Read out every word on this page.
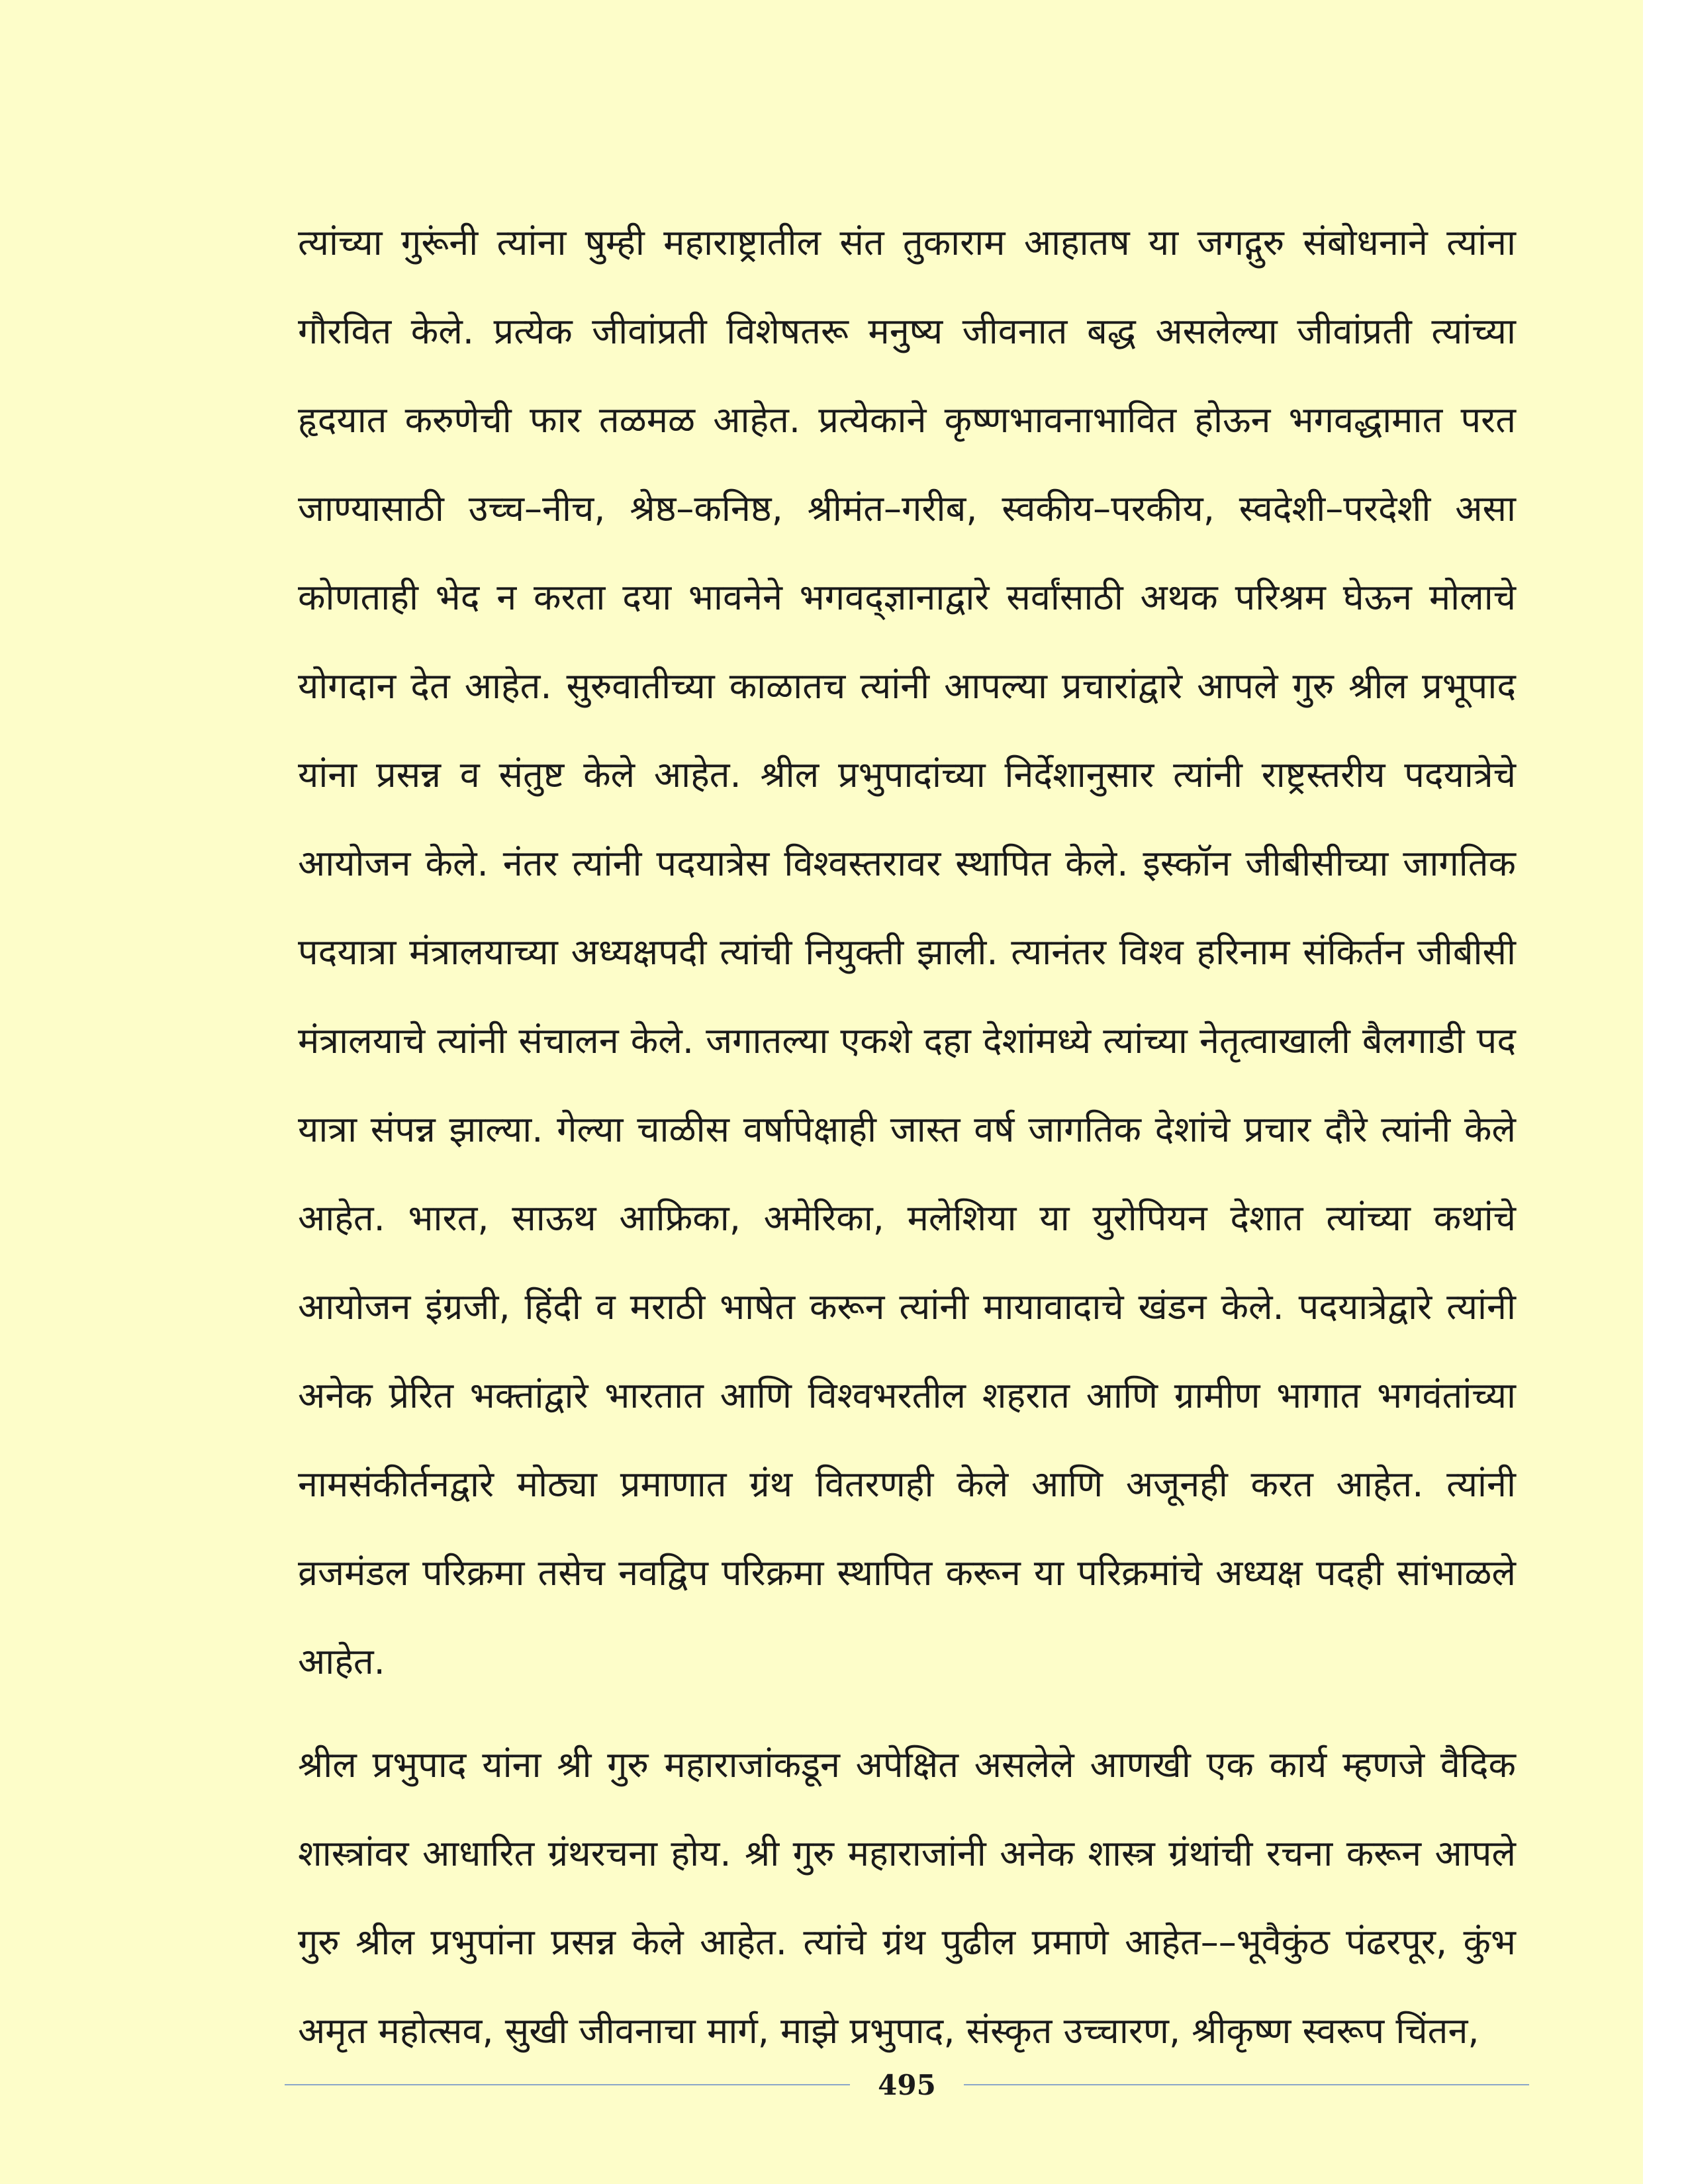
त्यांच्या गुरूंनी त्यांना षुम्ही महाराष्ट्रातील संत तुकाराम आहातष या जगद्गुरु संबोधनाने त्यांना गौरवित केले. प्रत्येक जीवांप्रती विशेषतरू मनुष्य जीवनात बद्ध असलेल्या जीवांप्रती त्यांच्या हृदयात करुणेची फार तळमळ आहेत. प्रत्येकाने कृष्णभावनाभावित होऊन भगवद्धामात परत जाण्यासाठी उच्च–नीच, श्रेष्ठ–कनिष्ठ, श्रीमंत–गरीब, स्वकीय–परकीय, स्वदेशी–परदेशी असा कोणताही भेद न करता दया भावनेने भगवद्ज्ञानाद्वारे सर्वांसाठी अथक परिश्रम घेऊन मोलाचे योगदान देत आहेत. सुरुवातीच्या काळातच त्यांनी आपल्या प्रचारांद्वारे आपले गुरु श्रील प्रभूपाद यांना प्रसन्न व संतुष्ट केले आहेत. श्रील प्रभुपादांच्या निर्देशानुसार त्यांनी राष्ट्रस्तरीय पदयात्रेचे आयोजन केले. नंतर त्यांनी पदयात्रेस विश्वस्तरावर स्थापित केले. इस्कॉन जीबीसीच्या जागतिक पदयात्रा मंत्रालयाच्या अध्यक्षपदी त्यांची नियुक्ती झाली. त्यानंतर विश्व हरिनाम संकिर्तन जीबीसी मंत्रालयाचे त्यांनी संचालन केले. जगातल्या एकशे दहा देशांमध्ये त्यांच्या नेतृत्वाखाली बैलगाडी पद यात्रा संपन्न झाल्या. गेल्या चाळीस वर्षापेक्षाही जास्त वर्ष जागतिक देशांचे प्रचार दौरे त्यांनी केले आहेत. भारत, साऊथ आफ्रिका, अमेरिका, मलेशिया या युरोपियन देशात त्यांच्या कथांचे आयोजन इंग्रजी, हिंदी व मराठी भाषेत करून त्यांनी मायावादाचे खंडन केले. पदयात्रेद्वारे त्यांनी अनेक प्रेरित भक्तांद्वारे भारतात आणि विश्वभरतील शहरात आणि ग्रामीण भागात भगवंतांच्या नामसंकीर्तनद्वारे मोठ्या प्रमाणात ग्रंथ वितरणही केले आणि अजूनही करत आहेत. त्यांनी व्रजमंडल परिक्रमा तसेच नवद्विप परिक्रमा स्थापित करून या परिक्रमांचे अध्यक्ष पदही सांभाळले आहेत.

श्रील प्रभुपाद यांना श्री गुरु महाराजांकडून अपेक्षित असलेले आणखी एक कार्य म्हणजे वैदिक शास्त्रांवर आधारित ग्रंथरचना होय. श्री गुरु महाराजांनी अनेक शास्त्र ग्रंथांची रचना करून आपले गुरु श्रील प्रभुपांना प्रसन्न केले आहेत. त्यांचे ग्रंथ पुढील प्रमाणे आहेत––भूवैकुंठ पंढरपूर, कुंभ अमृत महोत्सव, सुखी जीवनाचा मार्ग, माझे प्रभुपाद, संस्कृत उच्चारण, श्रीकृष्ण स्वरूप चिंतन,

495
